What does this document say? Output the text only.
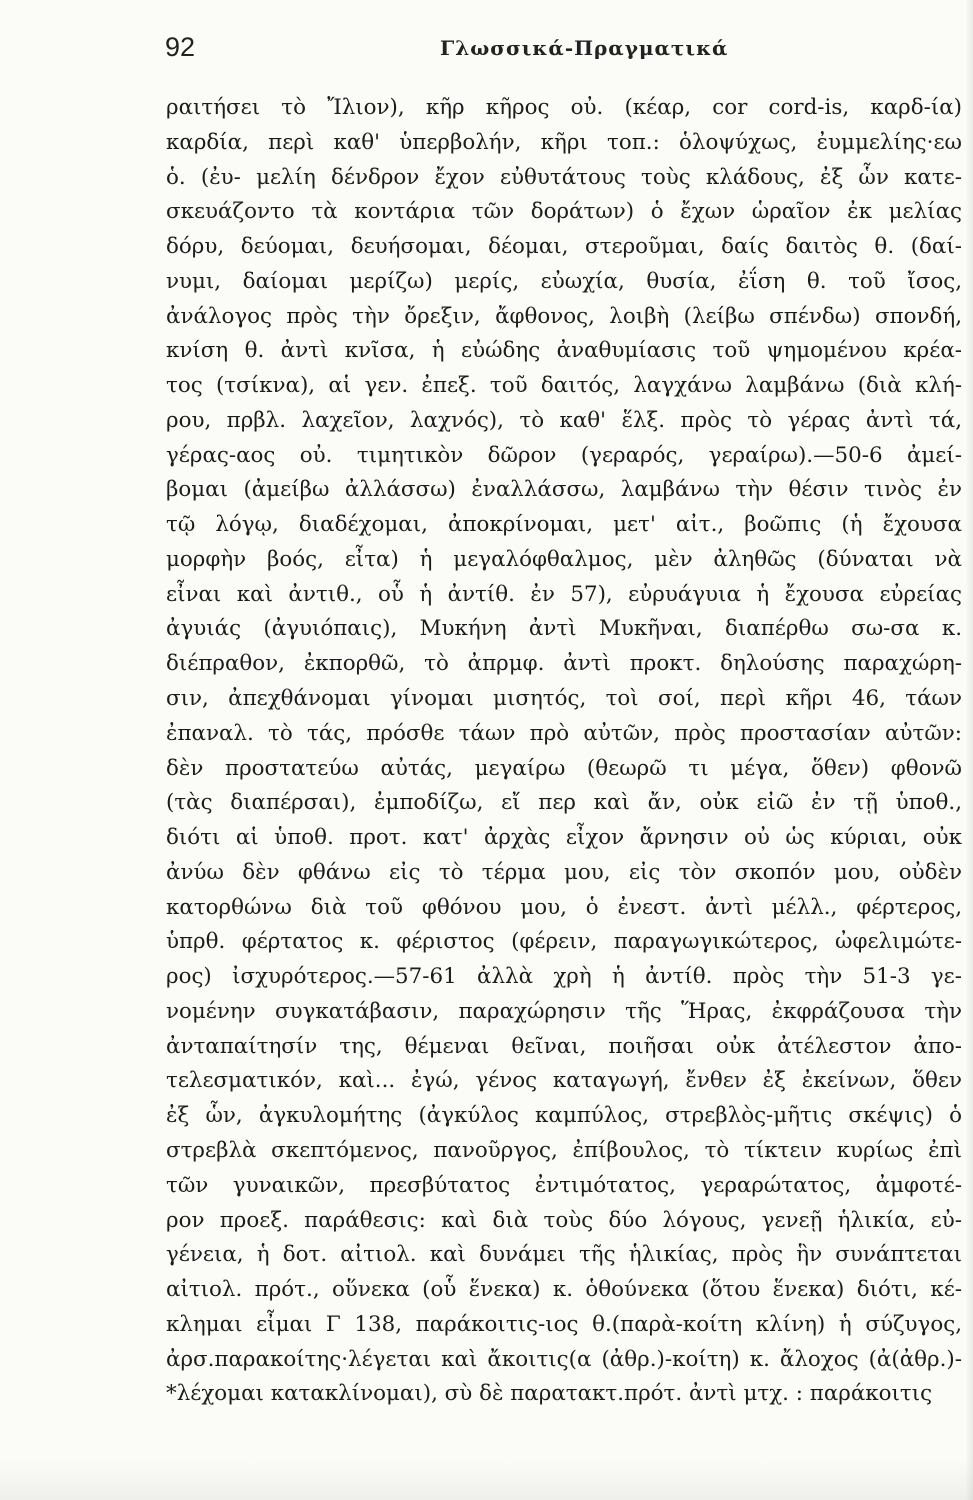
92	Γλωσσικά-Πραγματικά
ραιτήσει τὸ Ἴλιον), κῆρ κῆρος οὐ. (κέαρ, cor cord-is, καρδ-ία)
καρδία, περὶ καθ' ὑπερβολήν, κῆρι τοπ.: ὁλοψύχως, ἐυμμελίης·εω
ὁ. (ἐυ- μελίη δένδρον ἔχον εὐθυτάτους τοὺς κλάδους, ἐξ ὧν κατε-
σκευάζοντο τὰ κοντάρια τῶν δοράτων) ὁ ἔχων ὡραῖον ἐκ μελίας
δόρυ, δεύομαι, δευήσομαι, δέομαι, στεροῦμαι, δαίς δαιτὸς θ. (δαί-
νυμι, δαίομαι μερίζω) μερίς, εὐωχία, θυσία, ἐΐση θ. τοῦ ἴσος,
ἀνάλογος πρὸς τὴν ὄρεξιν, ἄφθονος, λοιβὴ (λείβω σπένδω) σπονδή,
κνίση θ. ἀντὶ κνῖσα, ἡ εὐώδης ἀναθυμίασις τοῦ ψημομένου κρέα-
τος (τσίκνα), αἱ γεν. ἐπεξ. τοῦ δαιτός, λαγχάνω λαμβάνω (διὰ κλή-
ρου, πρβλ. λαχεῖον, λαχνός), τὸ καθ' ἕλξ. πρὸς τὸ γέρας ἀντὶ τά,
γέρας-αος οὐ. τιμητικὸν δῶρον (γεραρός, γεραίρω).—50-6 ἀμεί-
βομαι (ἀμείβω ἀλλάσσω) ἐναλλάσσω, λαμβάνω τὴν θέσιν τινὸς ἐν
τῷ λόγῳ, διαδέχομαι, ἀποκρίνομαι, μετ' αἰτ., βοῶπις (ἡ ἔχουσα
μορφὴν βοός, εἶτα) ἡ μεγαλόφθαλμος, μὲν ἀληθῶς (δύναται νὰ
εἶναι καὶ ἀντιθ., οὗ ἡ ἀντίθ. ἐν 57), εὐρυάγυια ἡ ἔχουσα εὐρείας
ἀγυιάς (ἀγυιόπαις), Μυκήνη ἀντὶ Μυκῆναι, διαπέρθω σω-σα κ.
διέπραθον, ἐκπορθῶ, τὸ ἀπρμφ. ἀντὶ προκτ. δηλούσης παραχώρη-
σιν, ἀπεχθάνομαι γίνομαι μισητός, τοὶ σοί, περὶ κῆρι 46, τάων
ἐπαναλ. τὸ τάς, πρόσθε τάων πρὸ αὐτῶν, πρὸς προστασίαν αὐτῶν:
δὲν προστατεύω αὐτάς, μεγαίρω (θεωρῶ τι μέγα, ὅθεν) φθονῶ
(τὰς διαπέρσαι), ἐμποδίζω, εἴ περ καὶ ἄν, οὐκ εἰῶ ἐν τῇ ὑποθ.,
διότι αἱ ὑποθ. προτ. κατ' ἀρχὰς εἶχον ἄρνησιν οὐ ὡς κύριαι, οὐκ
ἀνύω δὲν φθάνω εἰς τὸ τέρμα μου, εἰς τὸν σκοπόν μου, οὐδὲν
κατορθώνω διὰ τοῦ φθόνου μου, ὁ ἐνεστ. ἀντὶ μέλλ., φέρτερος,
ὑπρθ. φέρτατος κ. φέριστος (φέρειν, παραγωγικώτερος, ὠφελιμώτε-
ρος) ἰσχυρότερος.—57-61 ἀλλὰ χρὴ ἡ ἀντίθ. πρὸς τὴν 51-3 γε-
νομένην συγκατάβασιν, παραχώρησιν τῆς Ἥρας, ἐκφράζουσα τὴν
ἀνταπαίτησίν της, θέμεναι θεῖναι, ποιῆσαι οὐκ ἀτέλεστον ἀπο-
τελεσματικόν, καὶ... ἐγώ, γένος καταγωγή, ἔνθεν ἐξ ἐκείνων, ὅθεν
ἐξ ὧν, ἀγκυλομήτης (ἀγκύλος καμπύλος, στρεβλὸς-μῆτις σκέψις) ὁ
στρεβλὰ σκεπτόμενος, πανοῦργος, ἐπίβουλος, τὸ τίκτειν κυρίως ἐπὶ
τῶν γυναικῶν, πρεσβύτατος ἐντιμότατος, γεραρώτατος, ἀμφοτέ-
ρον προεξ. παράθεσις: καὶ διὰ τοὺς δύο λόγους, γενεῇ ἡλικία, εὐ-
γένεια, ἡ δοτ. αἰτιολ. καὶ δυνάμει τῆς ἡλικίας, πρὸς ἣν συνάπτεται
αἰτιολ. πρότ., οὕνεκα (οὗ ἕνεκα) κ. ὁθούνεκα (ὅτου ἕνεκα) διότι, κέ-
κλημαι εἶμαι Γ 138, παράκοιτις-ιος θ.(παρὰ-κοίτη κλίνη) ἡ σύζυγος,
ἀρσ.παρακοίτης·λέγεται καὶ ἄκοιτις(α (ἀθρ.)-κοίτη) κ. ἄλοχος (ἀ(ἀθρ.)-
*λέχομαι κατακλίνομαι), σὺ δὲ παρατακτ.πρότ. ἀντὶ μτχ. : παράκοιτις
